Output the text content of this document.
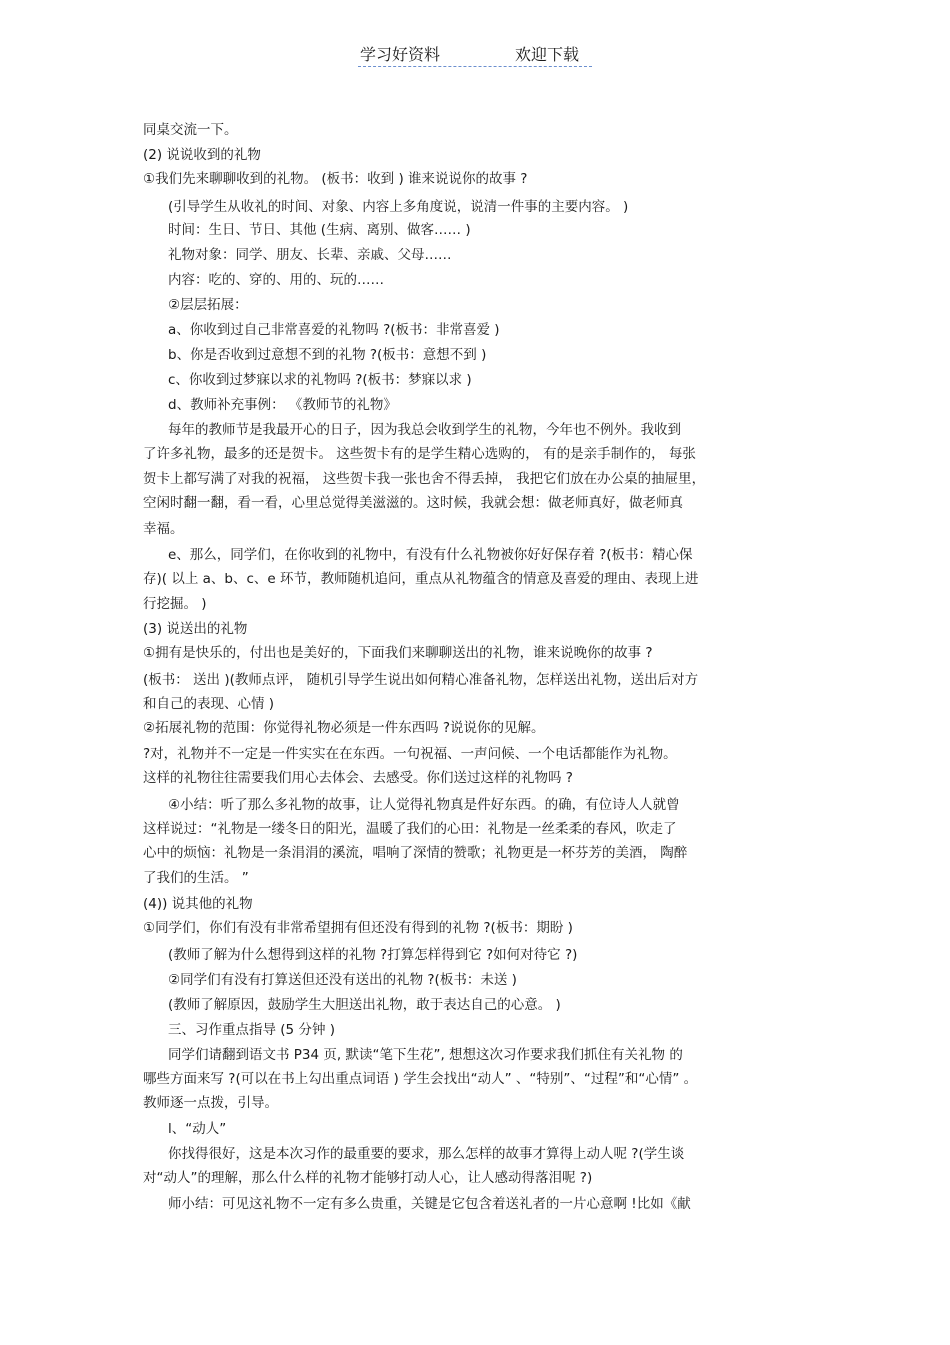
学习好资料	欢迎下载
同桌交流一下。
(2) 说说收到的礼物
①我们先来聊聊收到的礼物。 (板书：收到 ) 谁来说说你的故事 ?
(引导学生从收礼的时间、对象、内容上多角度说，说清一件事的主要内容。 )
时间：生日、节日、其他 (生病、离别、做客…… )
礼物对象：同学、朋友、长辈、亲戚、父母……
内容：吃的、穿的、用的、玩的……
②层层拓展：
a、你收到过自己非常喜爱的礼物吗 ?(板书：非常喜爱 )
b、你是否收到过意想不到的礼物 ?(板书：意想不到 )
c、你收到过梦寐以求的礼物吗 ?(板书：梦寐以求 )
d、教师补充事例： 《教师节的礼物》
每年的教师节是我最开心的日子，因为我总会收到学生的礼物，今年也不例外。我收到
了许多礼物，最多的还是贺卡。 这些贺卡有的是学生精心选购的， 有的是亲手制作的， 每张
贺卡上都写满了对我的祝福， 这些贺卡我一张也舍不得丢掉， 我把它们放在办公桌的抽屉里，
空闲时翻一翻，看一看，心里总觉得美滋滋的。这时候，我就会想：做老师真好，做老师真
幸福。
e、那么，同学们，在你收到的礼物中，有没有什么礼物被你好好保存着 ?(板书：精心保
存)( 以上 a、b、c、e 环节，教师随机追问，重点从礼物蕴含的情意及喜爱的理由、表现上进
行挖掘。 )
(3) 说送出的礼物
①拥有是快乐的，付出也是美好的，下面我们来聊聊送出的礼物，谁来说晚你的故事 ?
(板书： 送出 )(教师点评， 随机引导学生说出如何精心准备礼物，怎样送出礼物，送出后对方
和自己的表现、心情 )
②拓展礼物的范围：你觉得礼物必须是一件东西吗 ?说说你的见解。
?对，礼物并不一定是一件实实在在东西。一句祝福、一声问候、一个电话都能作为礼物。
这样的礼物往往需要我们用心去体会、去感受。你们送过这样的礼物吗 ?
④小结：听了那么多礼物的故事，让人觉得礼物真是件好东西。的确，有位诗人人就曾
这样说过：“礼物是一缕冬日的阳光，温暖了我们的心田：礼物是一丝柔柔的春风，吹走了
心中的烦恼：礼物是一条涓涓的溪流，唱响了深情的赞歌；礼物更是一杯芬芳的美酒， 陶醉
了我们的生活。 ”
(4)) 说其他的礼物
①同学们，你们有没有非常希望拥有但还没有得到的礼物 ?(板书：期盼 )
(教师了解为什么想得到这样的礼物 ?打算怎样得到它 ?如何对待它 ?)
②同学们有没有打算送但还没有送出的礼物 ?(板书：未送 )
(教师了解原因，鼓励学生大胆送出礼物，敢于表达自己的心意。 )
三、习作重点指导 (5 分钟 )
同学们请翻到语文书 P34 页, 默读“笔下生花”, 想想这次习作要求我们抓住有关礼物 的
哪些方面来写 ?(可以在书上勾出重点词语 ) 学生会找出“动人” 、“特别”、“过程”和“心情” 。
教师逐一点拨，引导。
l、“动人”
你找得很好，这是本次习作的最重要的要求，那么怎样的故事才算得上动人呢 ?(学生谈
对“动人”的理解，那么什么样的礼物才能够打动人心，让人感动得落泪呢 ?)
师小结：可见这礼物不一定有多么贵重，关键是它包含着送礼者的一片心意啊 !比如《献
